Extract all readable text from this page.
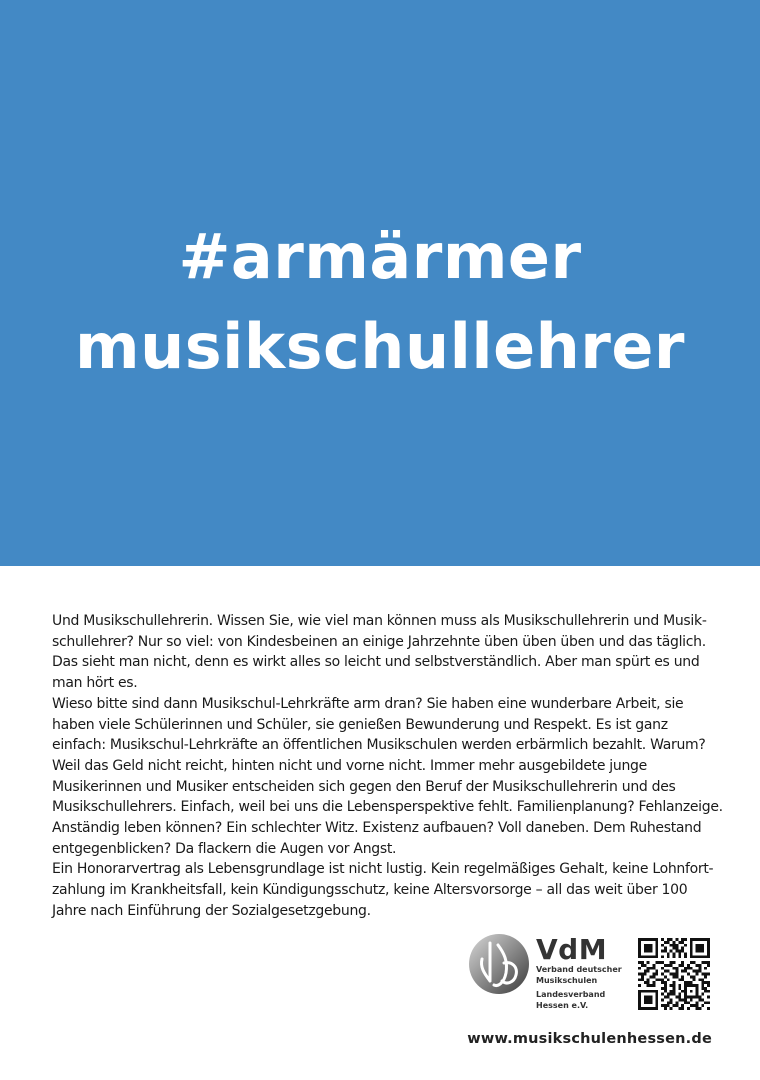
#armärmer
musikschullehrer

Und Musikschullehrerin. Wissen Sie, wie viel man können muss als Musikschullehrerin und Musik-schullehrer? Nur so viel: von Kindesbeinen an einige Jahrzehnte üben üben üben und das täglich. Das sieht man nicht, denn es wirkt alles so leicht und selbstverständlich. Aber man spürt es und man hört es.

Wieso bitte sind dann Musikschul-Lehrkräfte arm dran? Sie haben eine wunderbare Arbeit, sie haben viele Schülerinnen und Schüler, sie genießen Bewunderung und Respekt. Es ist ganz einfach: Musikschul-Lehrkräfte an öffentlichen Musikschulen werden erbärmlich bezahlt. Warum? Weil das Geld nicht reicht, hinten nicht und vorne nicht. Immer mehr ausgebildete junge Musikerinnen und Musiker entscheiden sich gegen den Beruf der Musikschullehrerin und des Musikschullehrers. Einfach, weil bei uns die Lebensperspektive fehlt. Familienplanung? Fehlanzeige. Anständig leben können? Ein schlechter Witz. Existenz aufbauen? Voll daneben. Dem Ruhestand entgegenblicken? Da flackern die Augen vor Angst.

Ein Honorarvertrag als Lebensgrundlage ist nicht lustig. Kein regelmäßiges Gehalt, keine Lohnfort-zahlung im Krankheitsfall, kein Kündigungsschutz, keine Altersvorsorge – all das weit über 100 Jahre nach Einführung der Sozialgesetzgebung.

VdM
Verband deutscher
Musikschulen
Landesverband
Hessen e.V.
www.musikschulenhessen.de
